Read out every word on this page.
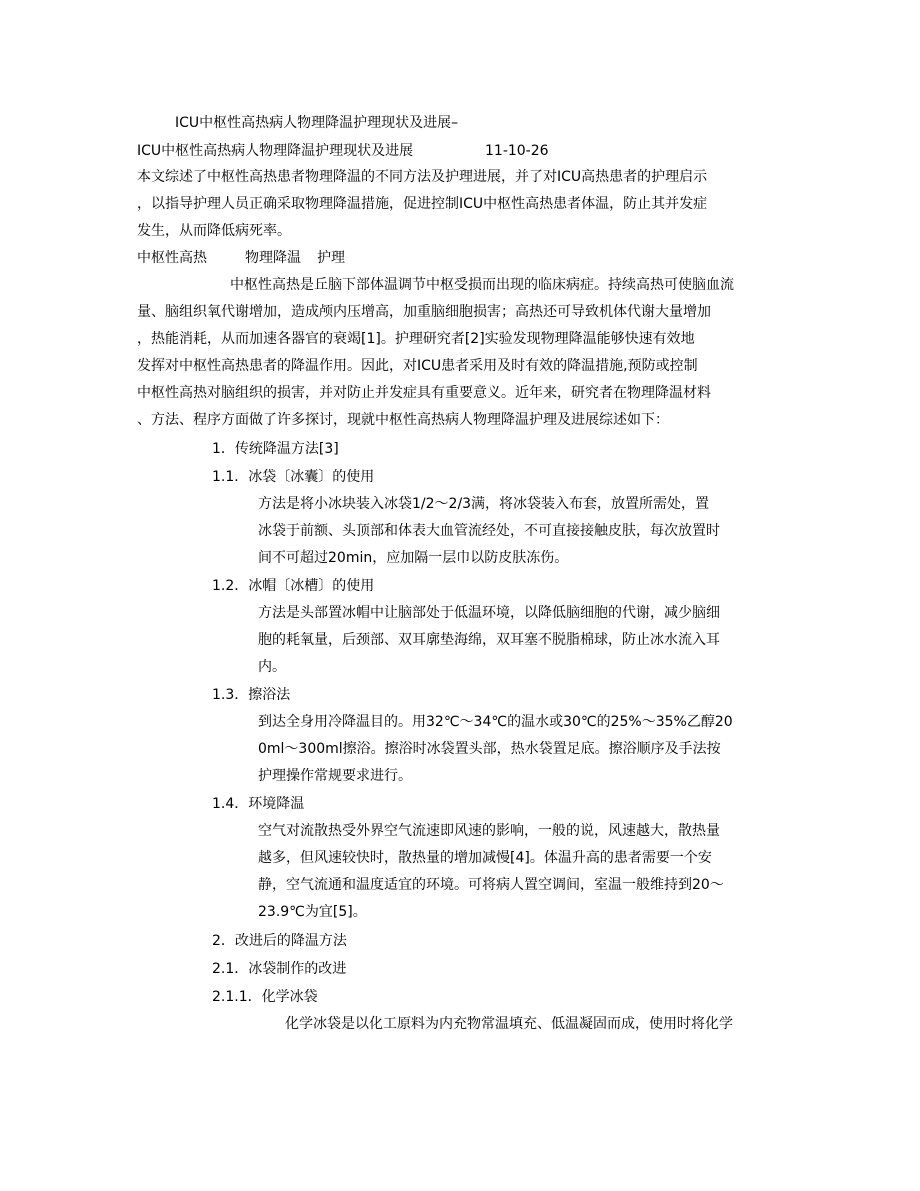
ICU中枢性高热病人物理降温护理现状及进展–
ICU中枢性高热病人物理降温护理现状及进展	11-10-26
本文综述了中枢性高热患者物理降温的不同方法及护理进展，并了对ICU高热患者的护理启示
，以指导护理人员正确采取物理降温措施，促进控制ICU中枢性高热患者体温，防止其并发症
发生，从而降低病死率。
中枢性高热	物理降温 护理
中枢性高热是丘脑下部体温调节中枢受损而出现的临床病症。持续高热可使脑血流
量、脑组织氧代谢增加，造成颅内压增高，加重脑细胞损害；高热还可导致机体代谢大量增加
，热能消耗，从而加速各器官的衰竭[1]。护理研究者[2]实验发现物理降温能够快速有效地
发挥对中枢性高热患者的降温作用。因此，对ICU患者采用及时有效的降温措施,预防或控制
中枢性高热对脑组织的损害，并对防止并发症具有重要意义。近年来，研究者在物理降温材料
、方法、程序方面做了许多探讨，现就中枢性高热病人物理降温护理及进展综述如下：
1．传统降温方法[3]
1.1．冰袋〔冰囊〕的使用
方法是将小冰块装入冰袋1/2～2/3满，将冰袋装入布套，放置所需处，置
冰袋于前额、头顶部和体表大血管流经处，不可直接接触皮肤，每次放置时
间不可超过20min，应加隔一层巾以防皮肤冻伤。
1.2．冰帽〔冰槽〕的使用
方法是头部置冰帽中让脑部处于低温环境，以降低脑细胞的代谢，减少脑细
胞的耗氧量，后颈部、双耳廓垫海绵，双耳塞不脱脂棉球，防止冰水流入耳
内。
1.3．擦浴法
到达全身用冷降温目的。用32℃～34℃的温水或30℃的25%～35%乙醇20
0ml～300ml擦浴。擦浴时冰袋置头部，热水袋置足底。擦浴顺序及手法按
护理操作常规要求进行。
1.4．环境降温
空气对流散热受外界空气流速即风速的影响，一般的说，风速越大，散热量
越多，但风速较快时，散热量的增加减慢[4]。体温升高的患者需要一个安
静，空气流通和温度适宜的环境。可将病人置空调间，室温一般维持到20～
23.9℃为宜[5]。
2．改进后的降温方法
2.1．冰袋制作的改进
2.1.1．化学冰袋
化学冰袋是以化工原料为内充物常温填充、低温凝固而成，使用时将化学
